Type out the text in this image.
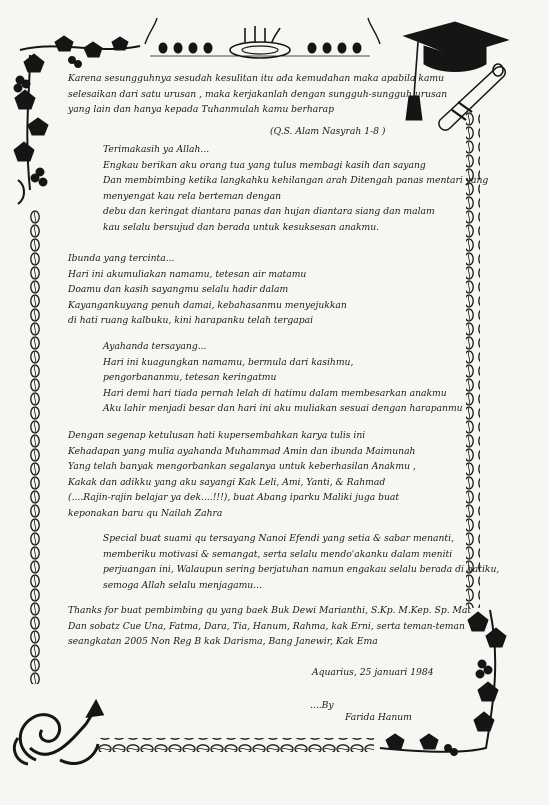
Karena sesungguhnya sesudah kesulitan itu ada kemudahan maka apabila kamu
selesaikan dari satu urusan , maka kerjakanlah dengan sungguh-sungguh urusan
yang lain dan hanya kepada Tuhanmulah kamu berharap
(Q.S. Alam Nasyrah 1-8 )
Terimakasih ya Allah...
Engkau berikan aku orang tua yang tulus membagi kasih dan sayang
Dan membimbing ketika langkahku kehilangan arah Ditengah panas mentari yang
menyengat kau rela berteman dengan
debu dan keringat diantara panas dan hujan diantara siang dan malam
kau selalu bersujud dan berada untuk kesuksesan anakmu.
Ibunda yang tercinta...
Hari ini akumuliakan namamu, tetesan air matamu
Doamu dan kasih sayangmu selalu hadir dalam
Kayangankuyang penuh damai, kebahasanmu menyejukkan
di hati ruang kalbuku, kini harapanku telah tergapai
Ayahanda tersayang...
Hari ini kuagungkan namamu, bermula dari kasihmu,
pengorbananmu, tetesan keringatmu
Hari demi hari tiada pernah lelah di hatimu dalam membesarkan anakmu
Aku lahir menjadi besar dan hari ini aku muliakan sesuai dengan harapanmu
Dengan segenap ketulusan hati kupersembahkan karya tulis ini
Kehadapan yang mulia ayahanda Muhammad Amin dan ibunda Maimunah
Yang telah banyak mengorbankan segalanya untuk keberhasilan Anakmu ,
Kakak dan adikku yang aku sayangi Kak Leli, Ami, Yanti, & Rahmad
(....Rajin-rajin belajar ya dek....!!!), buat Abang iparku Maliki juga buat
keponakan baru qu Nailah Zahra
Special buat suami qu tersayang Nanoi Efendi yang setia & sabar menanti,
memberiku motivasi & semangat, serta selalu mendo'akanku dalam meniti
perjuangan ini, Walaupun sering berjatuhan namun engakau selalu berada di hatiku,
semoga Allah selalu menjagamu...
Thanks for buat pembimbing qu yang baek Buk Dewi Marianthi, S.Kp. M.Kep. Sp. Mat
Dan sobatz Cue Una, Fatma, Dara, Tia, Hanum, Rahma, kak Erni, serta teman-teman
seangkatan 2005 Non Reg B kak Darisma, Bang Janewir, Kak Ema
Aquarius, 25 januari 1984
....By
Farida Hanum
